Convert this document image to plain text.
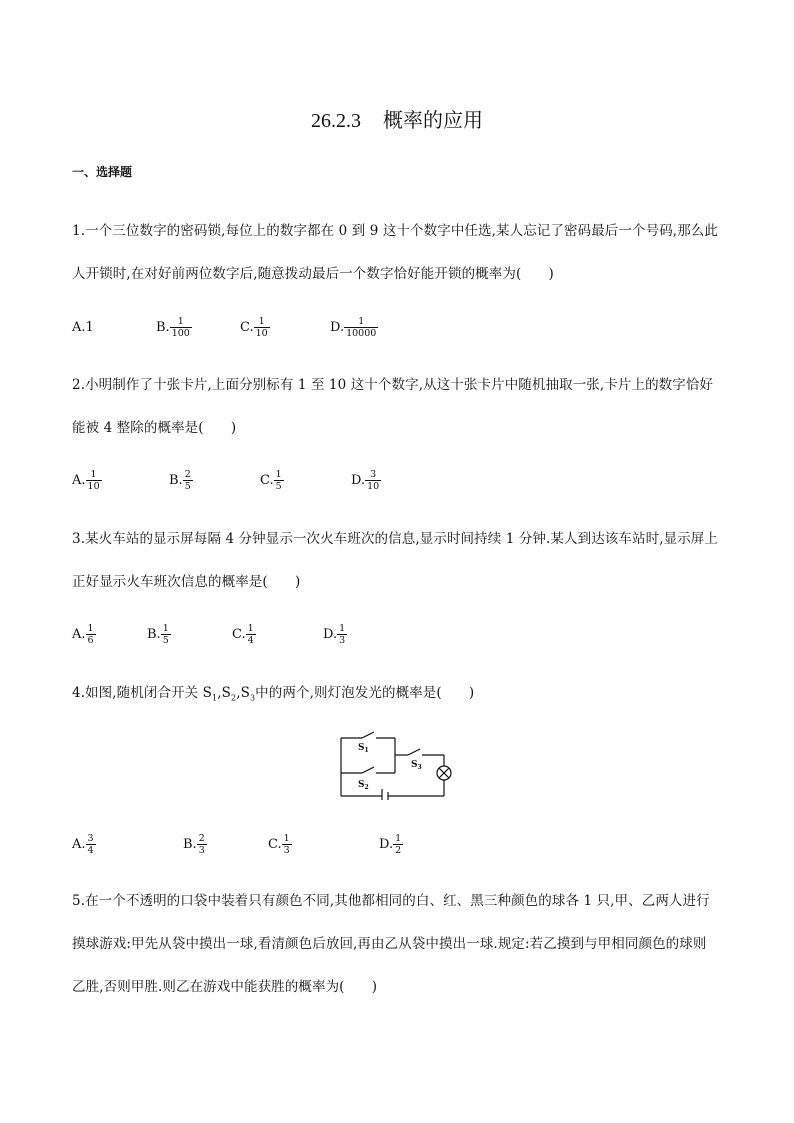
26.2.3 概率的应用
一、选择题
1.一个三位数字的密码锁,每位上的数字都在 0 到 9 这十个数字中任选,某人忘记了密码最后一个号码,那么此
人开锁时,在对好前两位数字后,随意拨动最后一个数字恰好能开锁的概率为(　　)
A.1	B. $\frac{1}{100}$	C. $\frac{1}{10}$	D. $\frac{1}{10000}$
2.小明制作了十张卡片,上面分别标有 1 至 10 这十个数字,从这十张卡片中随机抽取一张,卡片上的数字恰好
能被 4 整除的概率是(　　)
A. $\frac{1}{10}$	B. $\frac{2}{5}$	C. $\frac{1}{5}$	D. $\frac{3}{10}$
3.某火车站的显示屏每隔 4 分钟显示一次火车班次的信息,显示时间持续 1 分钟.某人到达该车站时,显示屏上
正好显示火车班次信息的概率是(　　)
A. $\frac{1}{6}$	B. $\frac{1}{5}$	C. $\frac{1}{4}$	D. $\frac{1}{3}$
4.如图,随机闭合开关 $S_1,S_2,S_3$中的两个,则灯泡发光的概率是(　　)
$S_1$
$S_2$
$S_3$
A. $\frac{3}{4}$	B. $\frac{2}{3}$	C. $\frac{1}{3}$	D. $\frac{1}{2}$
5.在一个不透明的口袋中装着只有颜色不同,其他都相同的白、红、黑三种颜色的球各 1 只,甲、乙两人进行
摸球游戏:甲先从袋中摸出一球,看清颜色后放回,再由乙从袋中摸出一球.规定:若乙摸到与甲相同颜色的球则
乙胜,否则甲胜.则乙在游戏中能获胜的概率为(　　)
